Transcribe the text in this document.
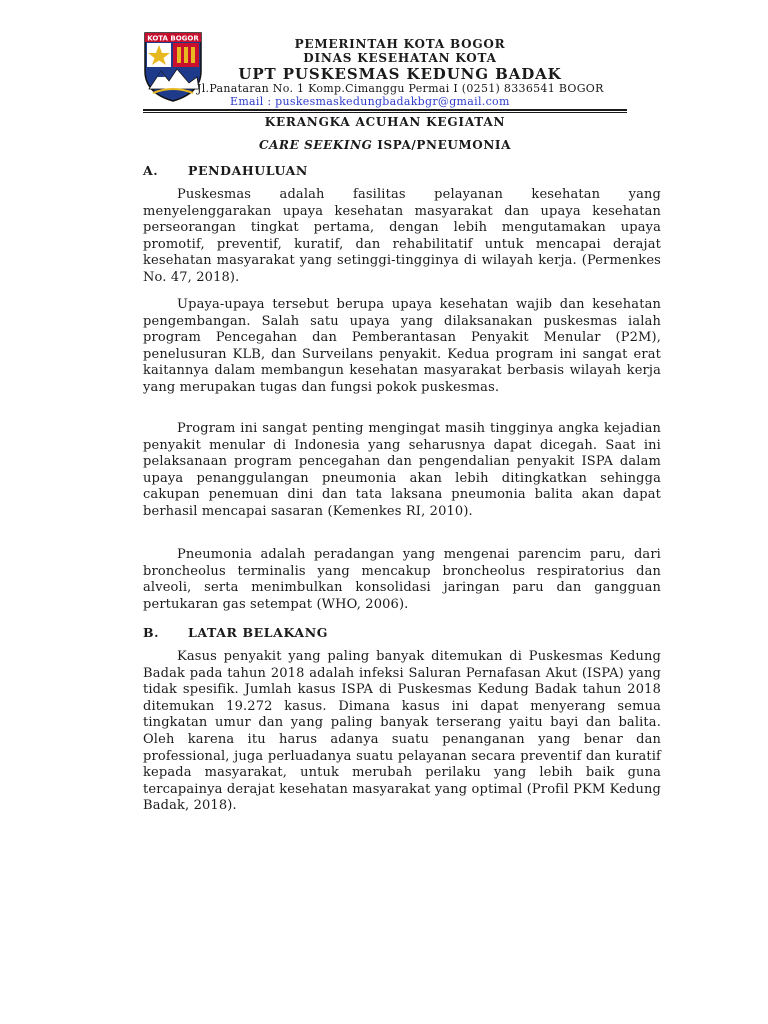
KOTA BOGOR	PEMERINTAH KOTA BOGOR
DINAS KESEHATAN KOTA
UPT PUSKESMAS KEDUNG BADAK
Jl.Panataran No. 1 Komp.Cimanggu Permai I (0251) 8336541 BOGOR
Email : puskesmaskedungbadakbgr@gmail.com
KERANGKA ACUHAN KEGIATAN
CARE SEEKING ISPA/PNEUMONIA
A. PENDAHULUAN

Puskesmas adalah fasilitas pelayanan kesehatan yang menyelenggarakan upaya kesehatan masyarakat dan upaya kesehatan perseorangan tingkat pertama, dengan lebih mengutamakan upaya promotif, preventif, kuratif, dan rehabilitatif untuk mencapai derajat kesehatan masyarakat yang setinggi-tingginya di wilayah kerja. (Permenkes No. 47, 2018).

Upaya-upaya tersebut berupa upaya kesehatan wajib dan kesehatan pengembangan. Salah satu upaya yang dilaksanakan puskesmas ialah program Pencegahan dan Pemberantasan Penyakit Menular (P2M), penelusuran KLB, dan Surveilans penyakit. Kedua program ini sangat erat kaitannya dalam membangun kesehatan masyarakat berbasis wilayah kerja yang merupakan tugas dan fungsi pokok puskesmas.

Program ini sangat penting mengingat masih tingginya angka kejadian penyakit menular di Indonesia yang seharusnya dapat dicegah. Saat ini pelaksanaan program pencegahan dan pengendalian penyakit ISPA dalam upaya penanggulangan pneumonia akan lebih ditingkatkan sehingga cakupan penemuan dini dan tata laksana pneumonia balita akan dapat berhasil mencapai sasaran (Kemenkes RI, 2010).

Pneumonia adalah peradangan yang mengenai parencim paru, dari broncheolus terminalis yang mencakup broncheolus respiratorius dan alveoli, serta menimbulkan konsolidasi jaringan paru dan gangguan pertukaran gas setempat (WHO, 2006).

B. LATAR BELAKANG

Kasus penyakit yang paling banyak ditemukan di Puskesmas Kedung Badak pada tahun 2018 adalah infeksi Saluran Pernafasan Akut (ISPA) yang tidak spesifik. Jumlah kasus ISPA di Puskesmas Kedung Badak tahun 2018 ditemukan 19.272 kasus. Dimana kasus ini dapat menyerang semua tingkatan umur dan yang paling banyak terserang yaitu bayi dan balita. Oleh karena itu harus adanya suatu penanganan yang benar dan professional, juga perluadanya suatu pelayanan secara preventif dan kuratif kepada masyarakat, untuk merubah perilaku yang lebih baik guna tercapainya derajat kesehatan masyarakat yang optimal (Profil PKM Kedung Badak, 2018).
